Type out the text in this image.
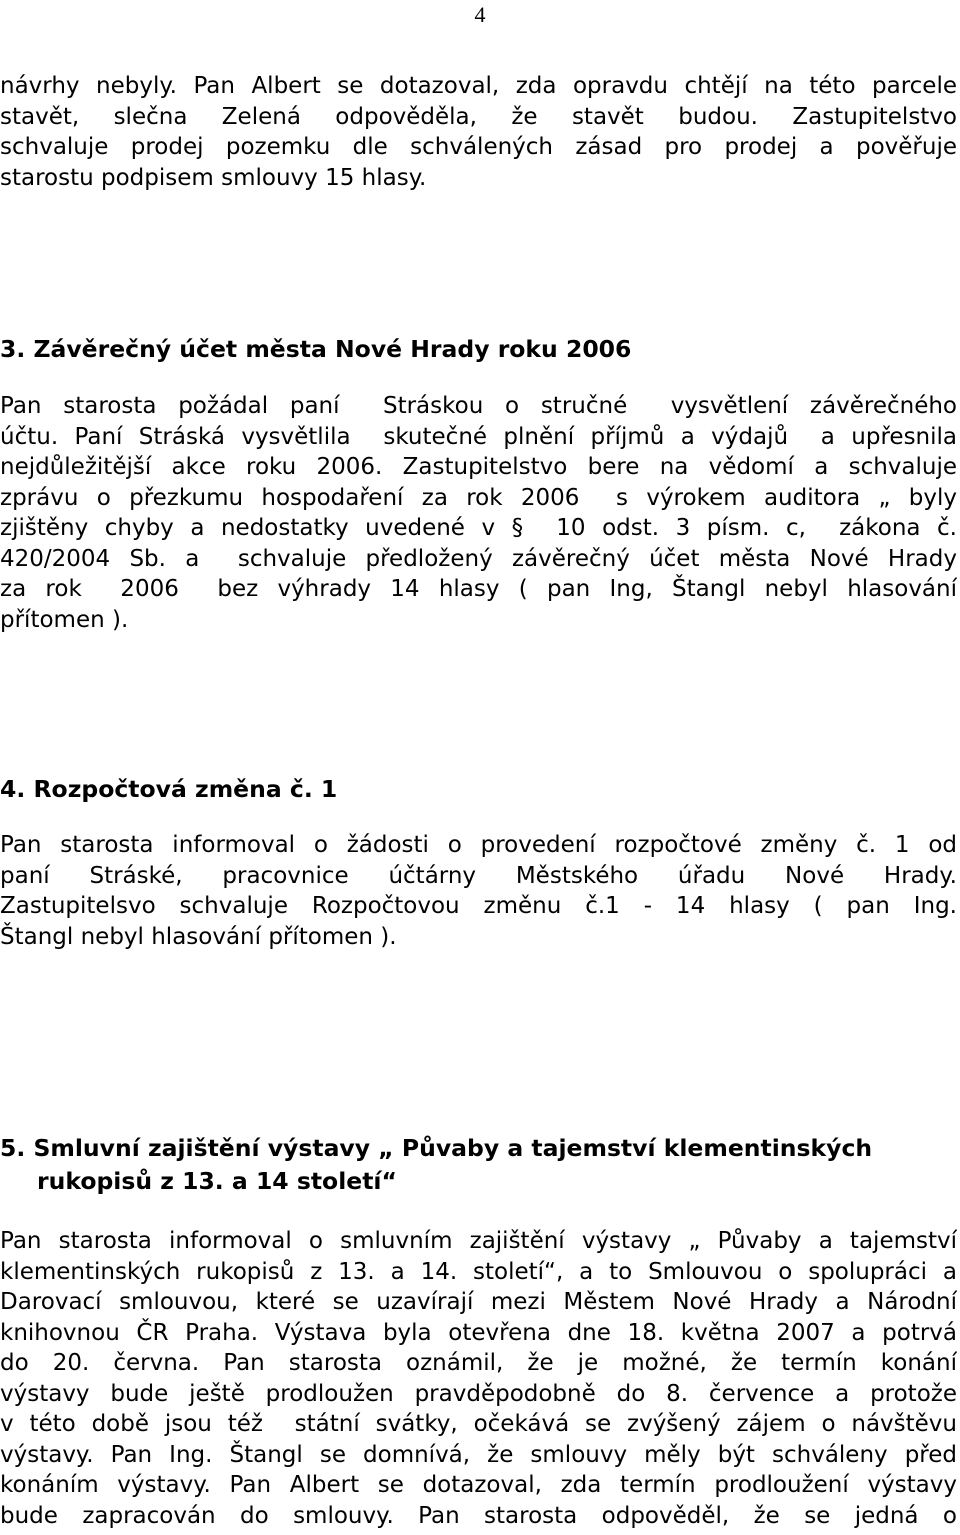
4
návrhy nebyly. Pan Albert se dotazoval, zda opravdu chtějí na této parcele
stavět, slečna Zelená odpověděla, že stavět budou. Zastupitelstvo
schvaluje prodej pozemku dle schválených zásad pro prodej a pověřuje
starostu podpisem smlouvy 15 hlasy.
3. Závěrečný účet města Nové Hrady roku 2006
Pan starosta požádal paní  Stráskou o stručné  vysvětlení závěrečného
účtu. Paní Stráská vysvětlila  skutečné plnění příjmů a výdajů  a upřesnila
nejdůležitější akce roku 2006. Zastupitelstvo bere na vědomí a schvaluje
zprávu o přezkumu hospodaření za rok 2006  s výrokem auditora „ byly
zjištěny chyby a nedostatky uvedené v §  10 odst. 3 písm. c,  zákona č.
420/2004 Sb. a  schvaluje předložený závěrečný účet města Nové Hrady
za rok  2006  bez výhrady 14 hlasy ( pan Ing, Štangl nebyl hlasování
přítomen ).
4. Rozpočtová změna č. 1
Pan starosta informoval o žádosti o provedení rozpočtové změny č. 1 od
paní Stráské, pracovnice účtárny Městského úřadu Nové Hrady.
Zastupitelsvo schvaluje Rozpočtovou změnu č.1 - 14 hlasy ( pan Ing.
Štangl nebyl hlasování přítomen ).
5. Smluvní zajištění výstavy „ Půvaby a tajemství klementinských
rukopisů z 13. a 14 století“
Pan starosta informoval o smluvním zajištění výstavy „ Půvaby a tajemství
klementinských rukopisů z 13. a 14. století“, a to Smlouvou o spolupráci a
Darovací smlouvou, které se uzavírají mezi Městem Nové Hrady a Národní
knihovnou ČR Praha. Výstava byla otevřena dne 18. května 2007 a potrvá
do 20. června. Pan starosta oznámil, že je možné, že termín konání
výstavy bude ještě prodloužen pravděpodobně do 8. července a protože
v této době jsou též  státní svátky, očekává se zvýšený zájem o návštěvu
výstavy. Pan Ing. Štangl se domnívá, že smlouvy měly být schváleny před
konáním výstavy. Pan Albert se dotazoval, zda termín prodloužení výstavy
bude zapracován do smlouvy. Pan starosta odpověděl, že se jedná o
